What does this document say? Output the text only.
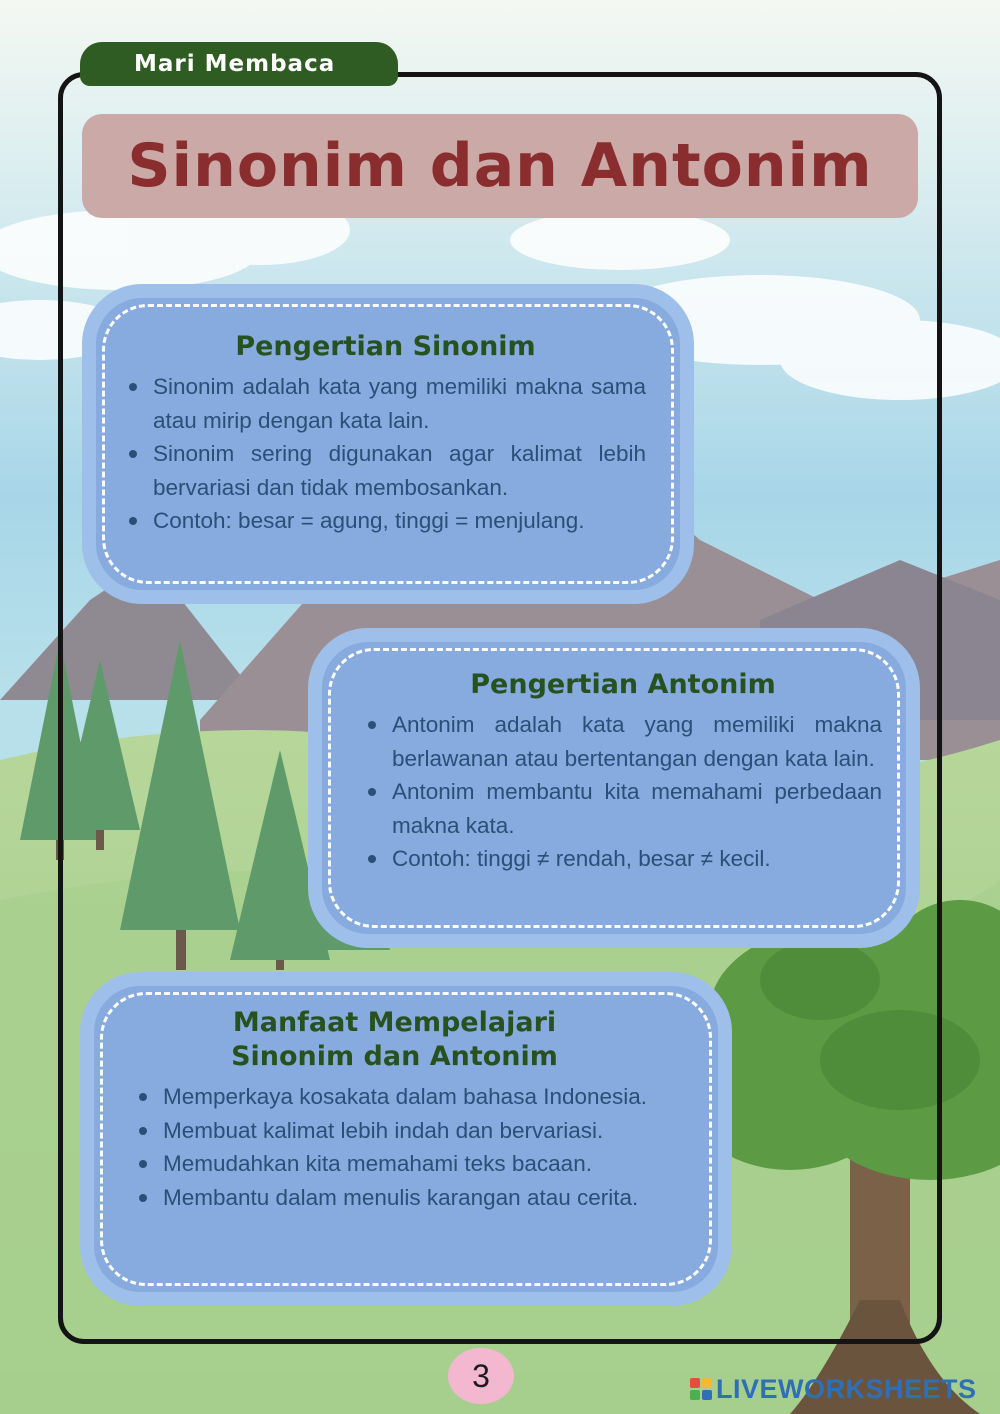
Mari Membaca
Sinonim dan Antonim
Pengertian Sinonim
Sinonim adalah kata yang memiliki makna sama atau mirip dengan kata lain.
Sinonim sering digunakan agar kalimat lebih bervariasi dan tidak membosankan.
Contoh: besar = agung, tinggi = menjulang.
Pengertian Antonim
Antonim adalah kata yang memiliki makna berlawanan atau bertentangan dengan kata lain.
Antonim membantu kita memahami perbedaan makna kata.
Contoh: tinggi ≠ rendah, besar ≠ kecil.
Manfaat Mempelajari
Sinonim dan Antonim
Memperkaya kosakata dalam bahasa Indonesia.
Membuat kalimat lebih indah dan bervariasi.
Memudahkan kita memahami teks bacaan.
Membantu dalam menulis karangan atau cerita.
3	LIVEWORKSHEETS
